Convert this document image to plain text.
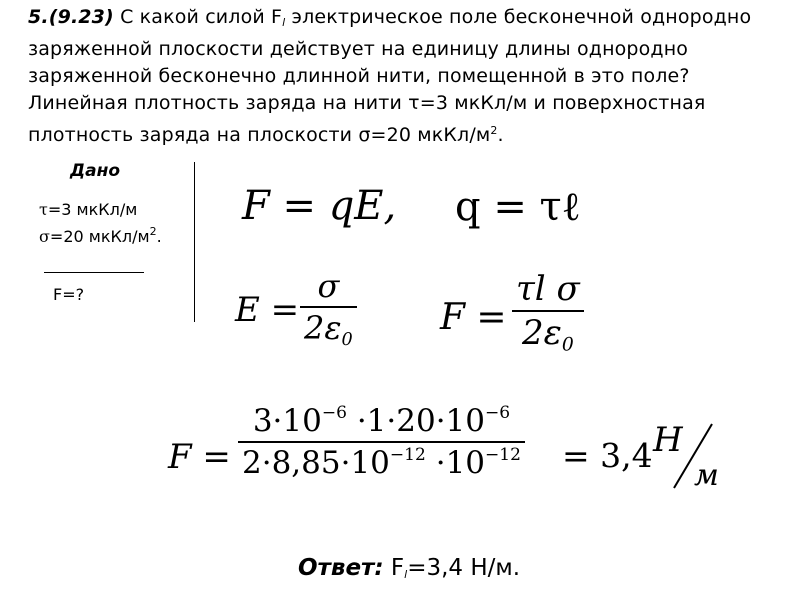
5.(9.23) С какой силой Fl электрическое поле бесконечной однородно заряженной плоскости действует на единицу длины однородно заряженной бесконечно длинной нити, помещенной в это поле? Линейная плотность заряда на нити τ=3 мкКл/м и поверхностная плотность заряда на плоскости σ=20 мкКл/$м^2$.
Дано
τ=3 мкКл/м
σ=20 мкКл/$м^2$.
F=?
F = qE, q = τℓ
E =
σ
2ε0
F =
τl σ
2ε0
F =
$3\cdot 10^{-6} \cdot 1\cdot 20\cdot 10^{-6}$
$2\cdot 8,85\cdot 10^{-12} \cdot 10^{-12} = 3,4$ Н
м
Ответ: Fl=3,4 Н/м.
